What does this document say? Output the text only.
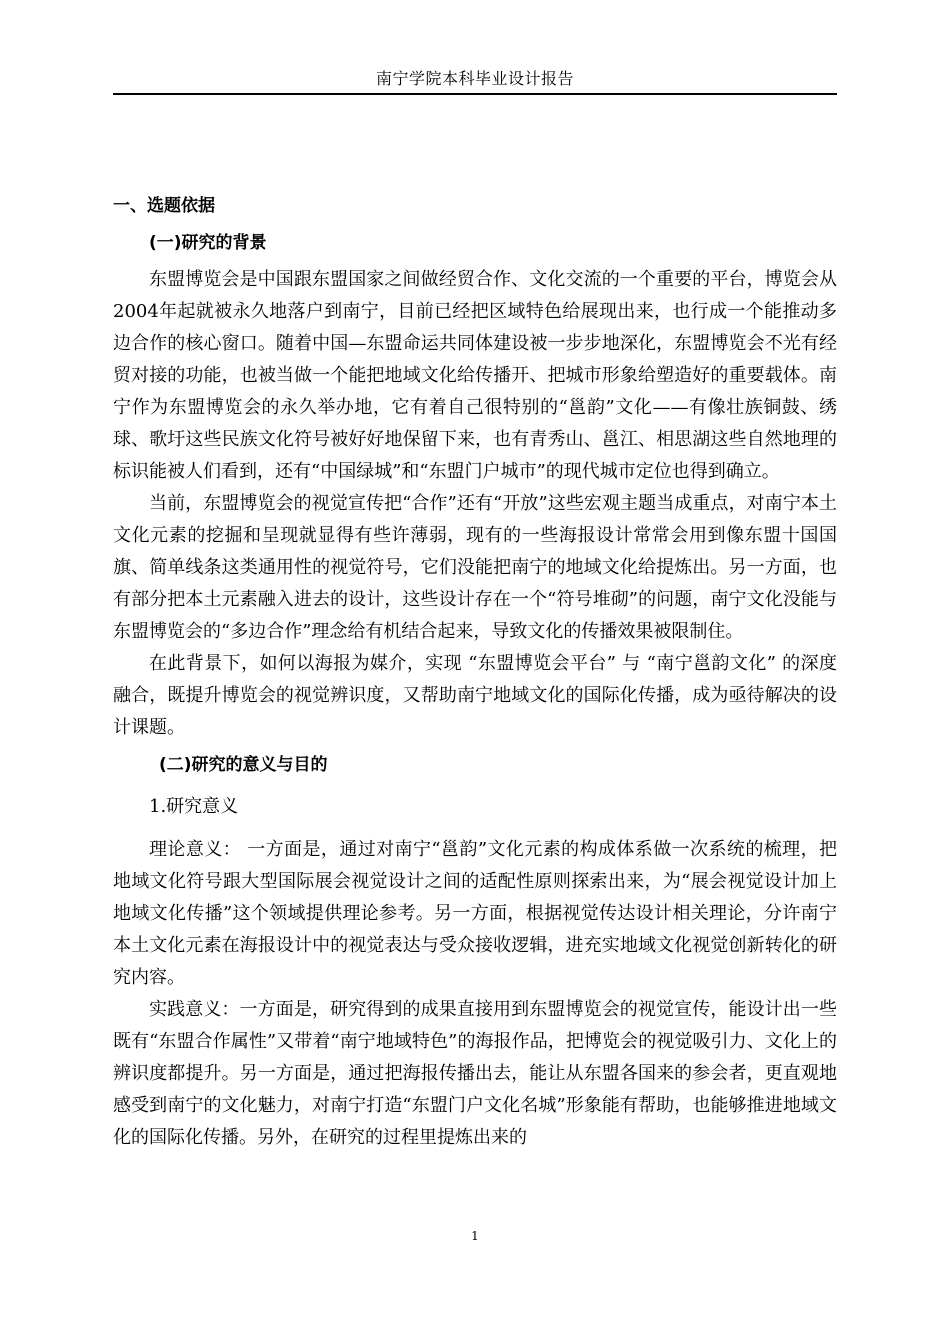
南宁学院本科毕业设计报告
一、选题依据
(一)研究的背景

东盟博览会是中国跟东盟国家之间做经贸合作、文化交流的一个重要的平台，博览会从2004年起就被永久地落户到南宁，目前已经把区域特色给展现出来，也行成一个能推动多边合作的核心窗口。随着中国—东盟命运共同体建设被一步步地深化，东盟博览会不光有经贸对接的功能，也被当做一个能把地域文化给传播开、把城市形象给塑造好的重要载体。南宁作为东盟博览会的永久举办地，它有着自己很特别的“邕韵”文化——有像壮族铜鼓、绣球、歌圩这些民族文化符号被好好地保留下来，也有青秀山、邕江、相思湖这些自然地理的标识能被人们看到，还有“中国绿城”和“东盟门户城市”的现代城市定位也得到确立。

当前，东盟博览会的视觉宣传把“合作”还有“开放”这些宏观主题当成重点，对南宁本土文化元素的挖掘和呈现就显得有些许薄弱，现有的一些海报设计常常会用到像东盟十国国旗、简单线条这类通用性的视觉符号，它们没能把南宁的地域文化给提炼出。另一方面，也有部分把本土元素融入进去的设计，这些设计存在一个“符号堆砌”的问题，南宁文化没能与东盟博览会的“多边合作”理念给有机结合起来，导致文化的传播效果被限制住。

在此背景下，如何以海报为媒介，实现 “东盟博览会平台” 与 “南宁邕韵文化” 的深度融合，既提升博览会的视觉辨识度，又帮助南宁地域文化的国际化传播，成为亟待解决的设计课题。

(二)研究的意义与目的
1.研究意义

理论意义： 一方面是，通过对南宁“邕韵”文化元素的构成体系做一次系统的梳理，把地域文化符号跟大型国际展会视觉设计之间的适配性原则探索出来，为“展会视觉设计加上地域文化传播”这个领域提供理论参考。另一方面，根据视觉传达设计相关理论，分许南宁本土文化元素在海报设计中的视觉表达与受众接收逻辑，进充实地域文化视觉创新转化的研究内容。

实践意义：一方面是，研究得到的成果直接用到东盟博览会的视觉宣传，能设计出一些既有“东盟合作属性”又带着“南宁地域特色”的海报作品，把博览会的视觉吸引力、文化上的辨识度都提升。另一方面是，通过把海报传播出去，能让从东盟各国来的参会者，更直观地感受到南宁的文化魅力，对南宁打造“东盟门户文化名城”形象能有帮助，也能够推进地域文化的国际化传播。另外，在研究的过程里提炼出来的

1
